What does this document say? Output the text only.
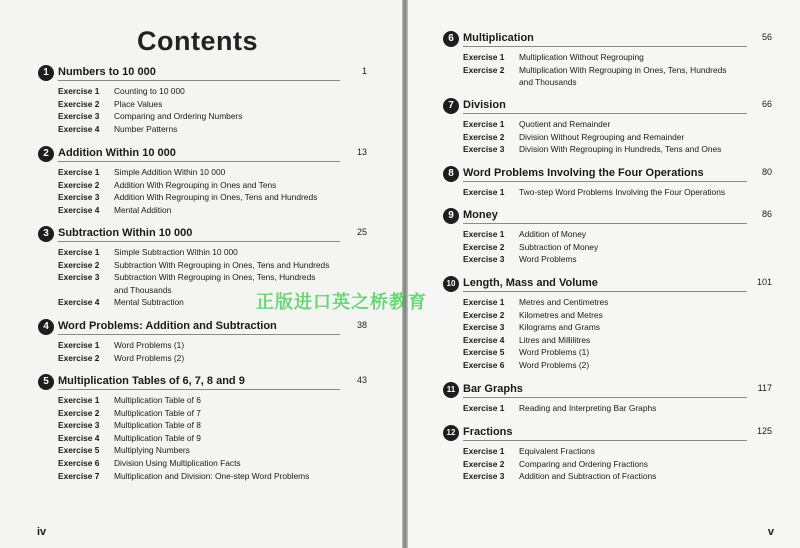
Contents
iv
1 Numbers to 10 000	1
Exercise 1 Counting to 10 000
Exercise 2 Place Values
Exercise 3 Comparing and Ordering Numbers
Exercise 4 Number Patterns
2 Addition Within 10 000	13
Exercise 1 Simple Addition Within 10 000
Exercise 2 Addition With Regrouping in Ones and Tens
Exercise 3 Addition With Regrouping in Ones, Tens and Hundreds
Exercise 4 Mental Addition
3 Subtraction Within 10 000	25
Exercise 1 Simple Subtraction Within 10 000
Exercise 2 Subtraction With Regrouping in Ones, Tens and Hundreds
Exercise 3 Subtraction With Regrouping in Ones, Tens, Hundreds
and Thousands
Exercise 4 Mental Subtraction
4 Word Problems: Addition and Subtraction	38
Exercise 1 Word Problems (1)
Exercise 2 Word Problems (2)
5 Multiplication Tables of 6, 7, 8 and 9	43
Exercise 1 Multiplication Table of 6
Exercise 2 Multiplication Table of 7
Exercise 3 Multiplication Table of 8
Exercise 4 Multiplication Table of 9
Exercise 5 Multiplying Numbers
Exercise 6 Division Using Multiplication Facts
Exercise 7 Multiplication and Division: One-step Word Problems
v
6 Multiplication	56
Exercise 1 Multiplication Without Regrouping
Exercise 2 Multiplication With Regrouping in Ones, Tens, Hundreds
and Thousands
7 Division	66
Exercise 1 Quotient and Remainder
Exercise 2 Division Without Regrouping and Remainder
Exercise 3 Division With Regrouping in Hundreds, Tens and Ones
8 Word Problems Involving the Four Operations	80
Exercise 1 Two-step Word Problems Involving the Four Operations
9 Money	86
Exercise 1 Addition of Money
Exercise 2 Subtraction of Money
Exercise 3 Word Problems
10 Length, Mass and Volume	101
Exercise 1 Metres and Centimetres
Exercise 2 Kilometres and Metres
Exercise 3 Kilograms and Grams
Exercise 4 Litres and Millilitres
Exercise 5 Word Problems (1)
Exercise 6 Word Problems (2)
11 Bar Graphs	117
Exercise 1 Reading and Interpreting Bar Graphs
12 Fractions	125
Exercise 1 Equivalent Fractions
Exercise 2 Comparing and Ordering Fractions
Exercise 3 Addition and Subtraction of Fractions
正版进口英之桥教育
